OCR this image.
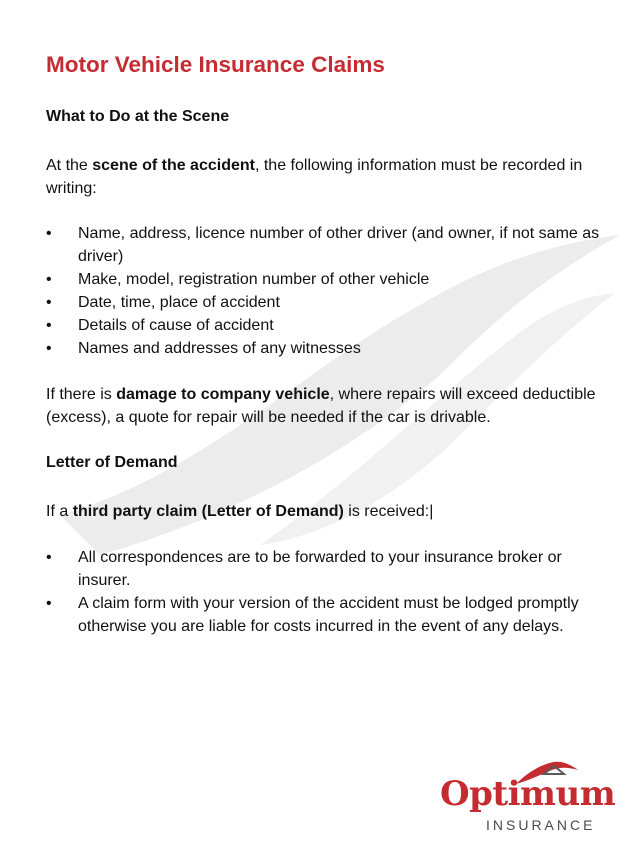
Motor Vehicle Insurance Claims
What to Do at the Scene
At the scene of the accident, the following information must be recorded in writing:
• Name, address, licence number of other driver (and owner, if not same as driver)
• Make, model, registration number of other vehicle
• Date, time, place of accident
• Details of cause of accident
• Names and addresses of any witnesses
If there is damage to company vehicle, where repairs will exceed deductible (excess), a quote for repair will be needed if the car is drivable.
Letter of Demand
If a third party claim (Letter of Demand) is received:|
• All correspondences are to be forwarded to your insurance broker or insurer.
• A claim form with your version of the accident must be lodged promptly otherwise you are liable for costs incurred in the event of any delays.
Optimum
INSURANCE
